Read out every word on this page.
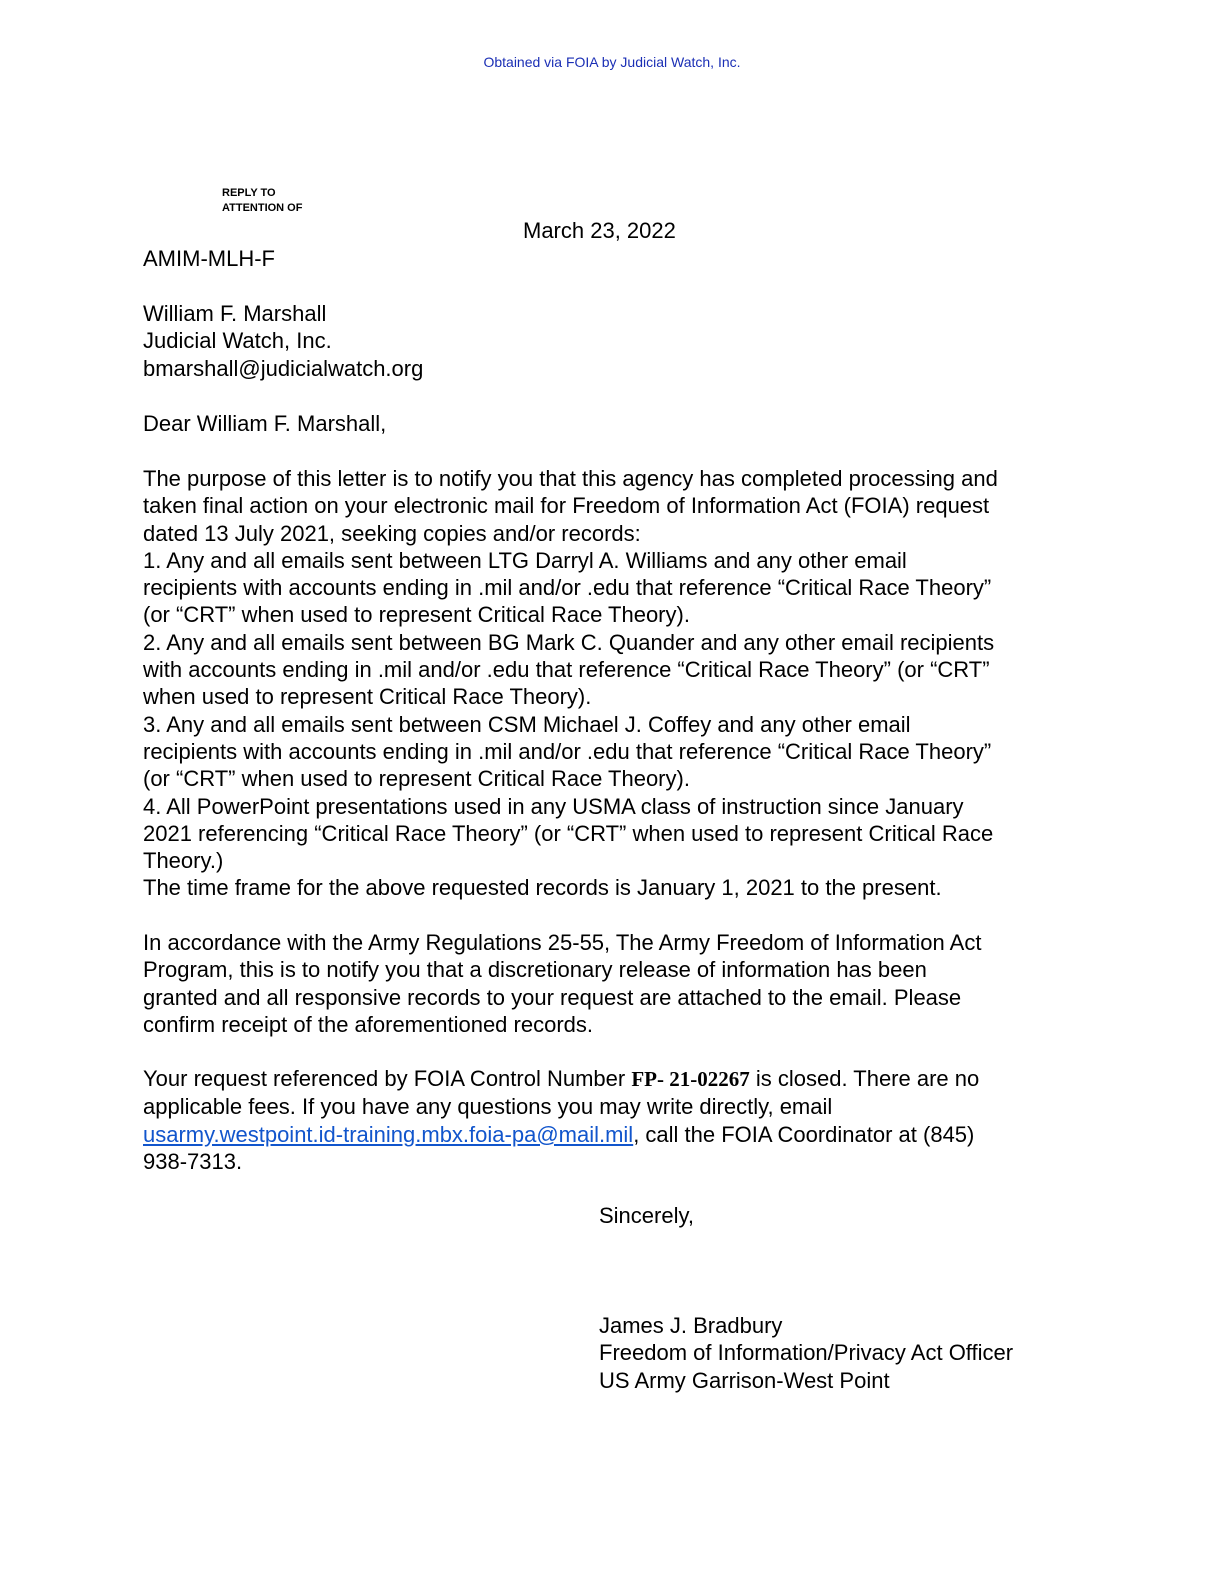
Obtained via FOIA by Judicial Watch, Inc.
REPLY TO
ATTENTION OF
March 23, 2022
AMIM-MLH-F
William F. Marshall
Judicial Watch, Inc.
bmarshall@judicialwatch.org
Dear William F. Marshall,
The purpose of this letter is to notify you that this agency has completed processing and
taken final action on your electronic mail for Freedom of Information Act (FOIA) request
dated 13 July 2021, seeking copies and/or records:
1. Any and all emails sent between LTG Darryl A. Williams and any other email
recipients with accounts ending in .mil and/or .edu that reference “Critical Race Theory”
(or “CRT” when used to represent Critical Race Theory).
2. Any and all emails sent between BG Mark C. Quander and any other email recipients
with accounts ending in .mil and/or .edu that reference “Critical Race Theory” (or “CRT”
when used to represent Critical Race Theory).
3. Any and all emails sent between CSM Michael J. Coffey and any other email
recipients with accounts ending in .mil and/or .edu that reference “Critical Race Theory”
(or “CRT” when used to represent Critical Race Theory).
4. All PowerPoint presentations used in any USMA class of instruction since January
2021 referencing “Critical Race Theory” (or “CRT” when used to represent Critical Race
Theory.)
The time frame for the above requested records is January 1, 2021 to the present.
In accordance with the Army Regulations 25-55, The Army Freedom of Information Act
Program, this is to notify you that a discretionary release of information has been
granted and all responsive records to your request are attached to the email. Please
confirm receipt of the aforementioned records.
Your request referenced by FOIA Control Number FP- 21-02267 is closed. There are no
applicable fees. If you have any questions you may write directly, email
usarmy.westpoint.id-training.mbx.foia-pa@mail.mil, call the FOIA Coordinator at (845)
938-7313.
Sincerely,
James J. Bradbury
Freedom of Information/Privacy Act Officer
US Army Garrison-West Point
